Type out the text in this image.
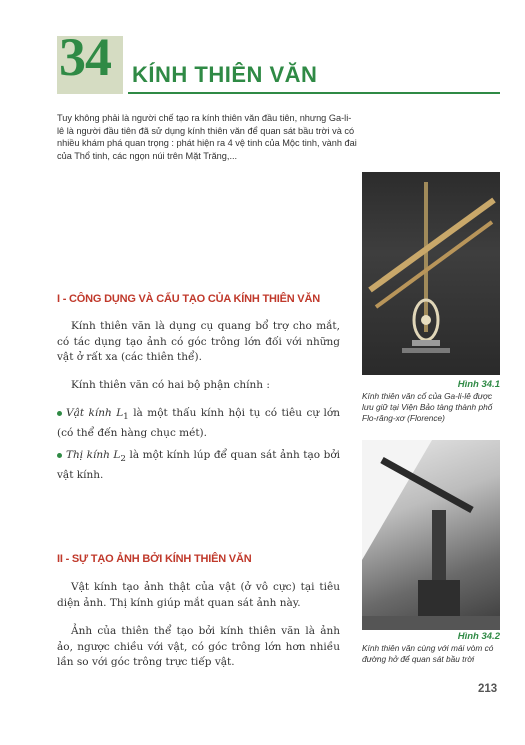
34 KÍNH THIÊN VĂN

Tuy không phải là người chế tạo ra kính thiên văn đầu tiên, nhưng Ga-li-lê là người đầu tiên đã sử dụng kính thiên văn để quan sát bầu trời và có nhiều khám phá quan trọng : phát hiện ra 4 vệ tinh của Mộc tinh, vành đai của Thổ tinh, các ngọn núi trên Mặt Trăng,...

I - CÔNG DỤNG VÀ CẤU TẠO CỦA KÍNH THIÊN VĂN

Kính thiên văn là dụng cụ quang bổ trợ cho mắt, có tác dụng tạo ảnh có góc trông lớn đối với những vật ở rất xa (các thiên thể).

Kính thiên văn có hai bộ phận chính :

Vật kính $L_1$ là một thấu kính hội tụ có tiêu cự lớn (có thể đến hàng chục mét).

Thị kính $L_2$ là một kính lúp để quan sát ảnh tạo bởi vật kính.

II - SỰ TẠO ẢNH BỞI KÍNH THIÊN VĂN

Vật kính tạo ảnh thật của vật (ở vô cực) tại tiêu diện ảnh. Thị kính giúp mắt quan sát ảnh này.

Ảnh của thiên thể tạo bởi kính thiên văn là ảnh ảo, ngược chiều với vật, có góc trông lớn hơn nhiều lần so với góc trông trực tiếp vật.

Hình 34.1
Kính thiên văn cổ của Ga-li-lê được lưu giữ tại Viện Bảo tàng thành phố Flo-răng-xơ (Florence)
Hình 34.2
Kính thiên văn cùng với mái vòm có đường hở để quan sát bầu trời
213
